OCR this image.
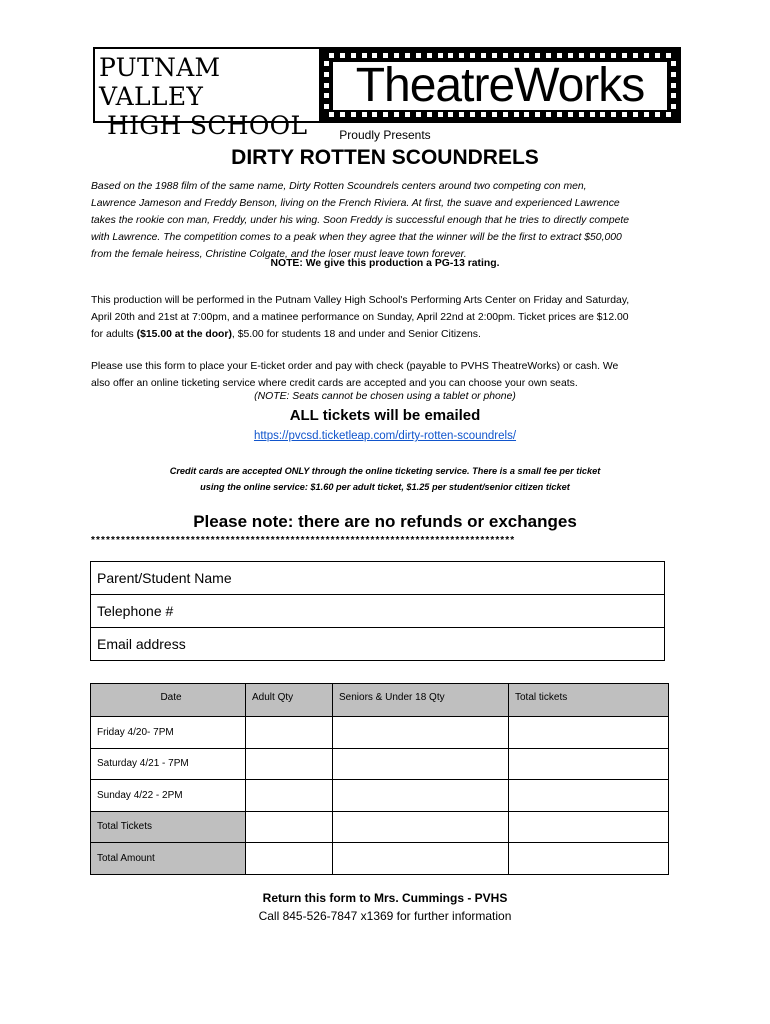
PUTNAM VALLEY
HIGH SCHOOL
TheatreWorks
Proudly Presents
DIRTY ROTTEN SCOUNDRELS
Based on the 1988 film of the same name, Dirty Rotten Scoundrels centers around two competing con men,
Lawrence Jameson and Freddy Benson, living on the French Riviera. At first, the suave and experienced Lawrence
takes the rookie con man, Freddy, under his wing. Soon Freddy is successful enough that he tries to directly compete
with Lawrence. The competition comes to a peak when they agree that the winner will be the first to extract $50,000
from the female heiress, Christine Colgate, and the loser must leave town forever.
NOTE: We give this production a PG-13 rating.
This production will be performed in the Putnam Valley High School's Performing Arts Center on Friday and Saturday,
April 20th and 21st at 7:00pm, and a matinee performance on Sunday, April 22nd at 2:00pm. Ticket prices are $12.00
for adults ($15.00 at the door), $5.00 for students 18 and under and Senior Citizens.
Please use this form to place your E-ticket order and pay with check (payable to PVHS TheatreWorks) or cash. We
also offer an online ticketing service where credit cards are accepted and you can choose your own seats.
(NOTE: Seats cannot be chosen using a tablet or phone)
ALL tickets will be emailed
https://pvcsd.ticketleap.com/dirty-rotten-scoundrels/
Credit cards are accepted ONLY through the online ticketing service. There is a small fee per ticket
using the online service: $1.60 per adult ticket, $1.25 per student/senior citizen ticket
Please note: there are no refunds or exchanges
*************************************************************************************
Parent/Student Name
Telephone #
Email address
Date	Adult Qty	Seniors & Under 18 Qty	Total tickets
Friday 4/20- 7PM			
Saturday 4/21 - 7PM			
Sunday 4/22 - 2PM			
Total Tickets			
Total Amount			
Return this form to Mrs. Cummings - PVHS
Call 845-526-7847 x1369 for further information
